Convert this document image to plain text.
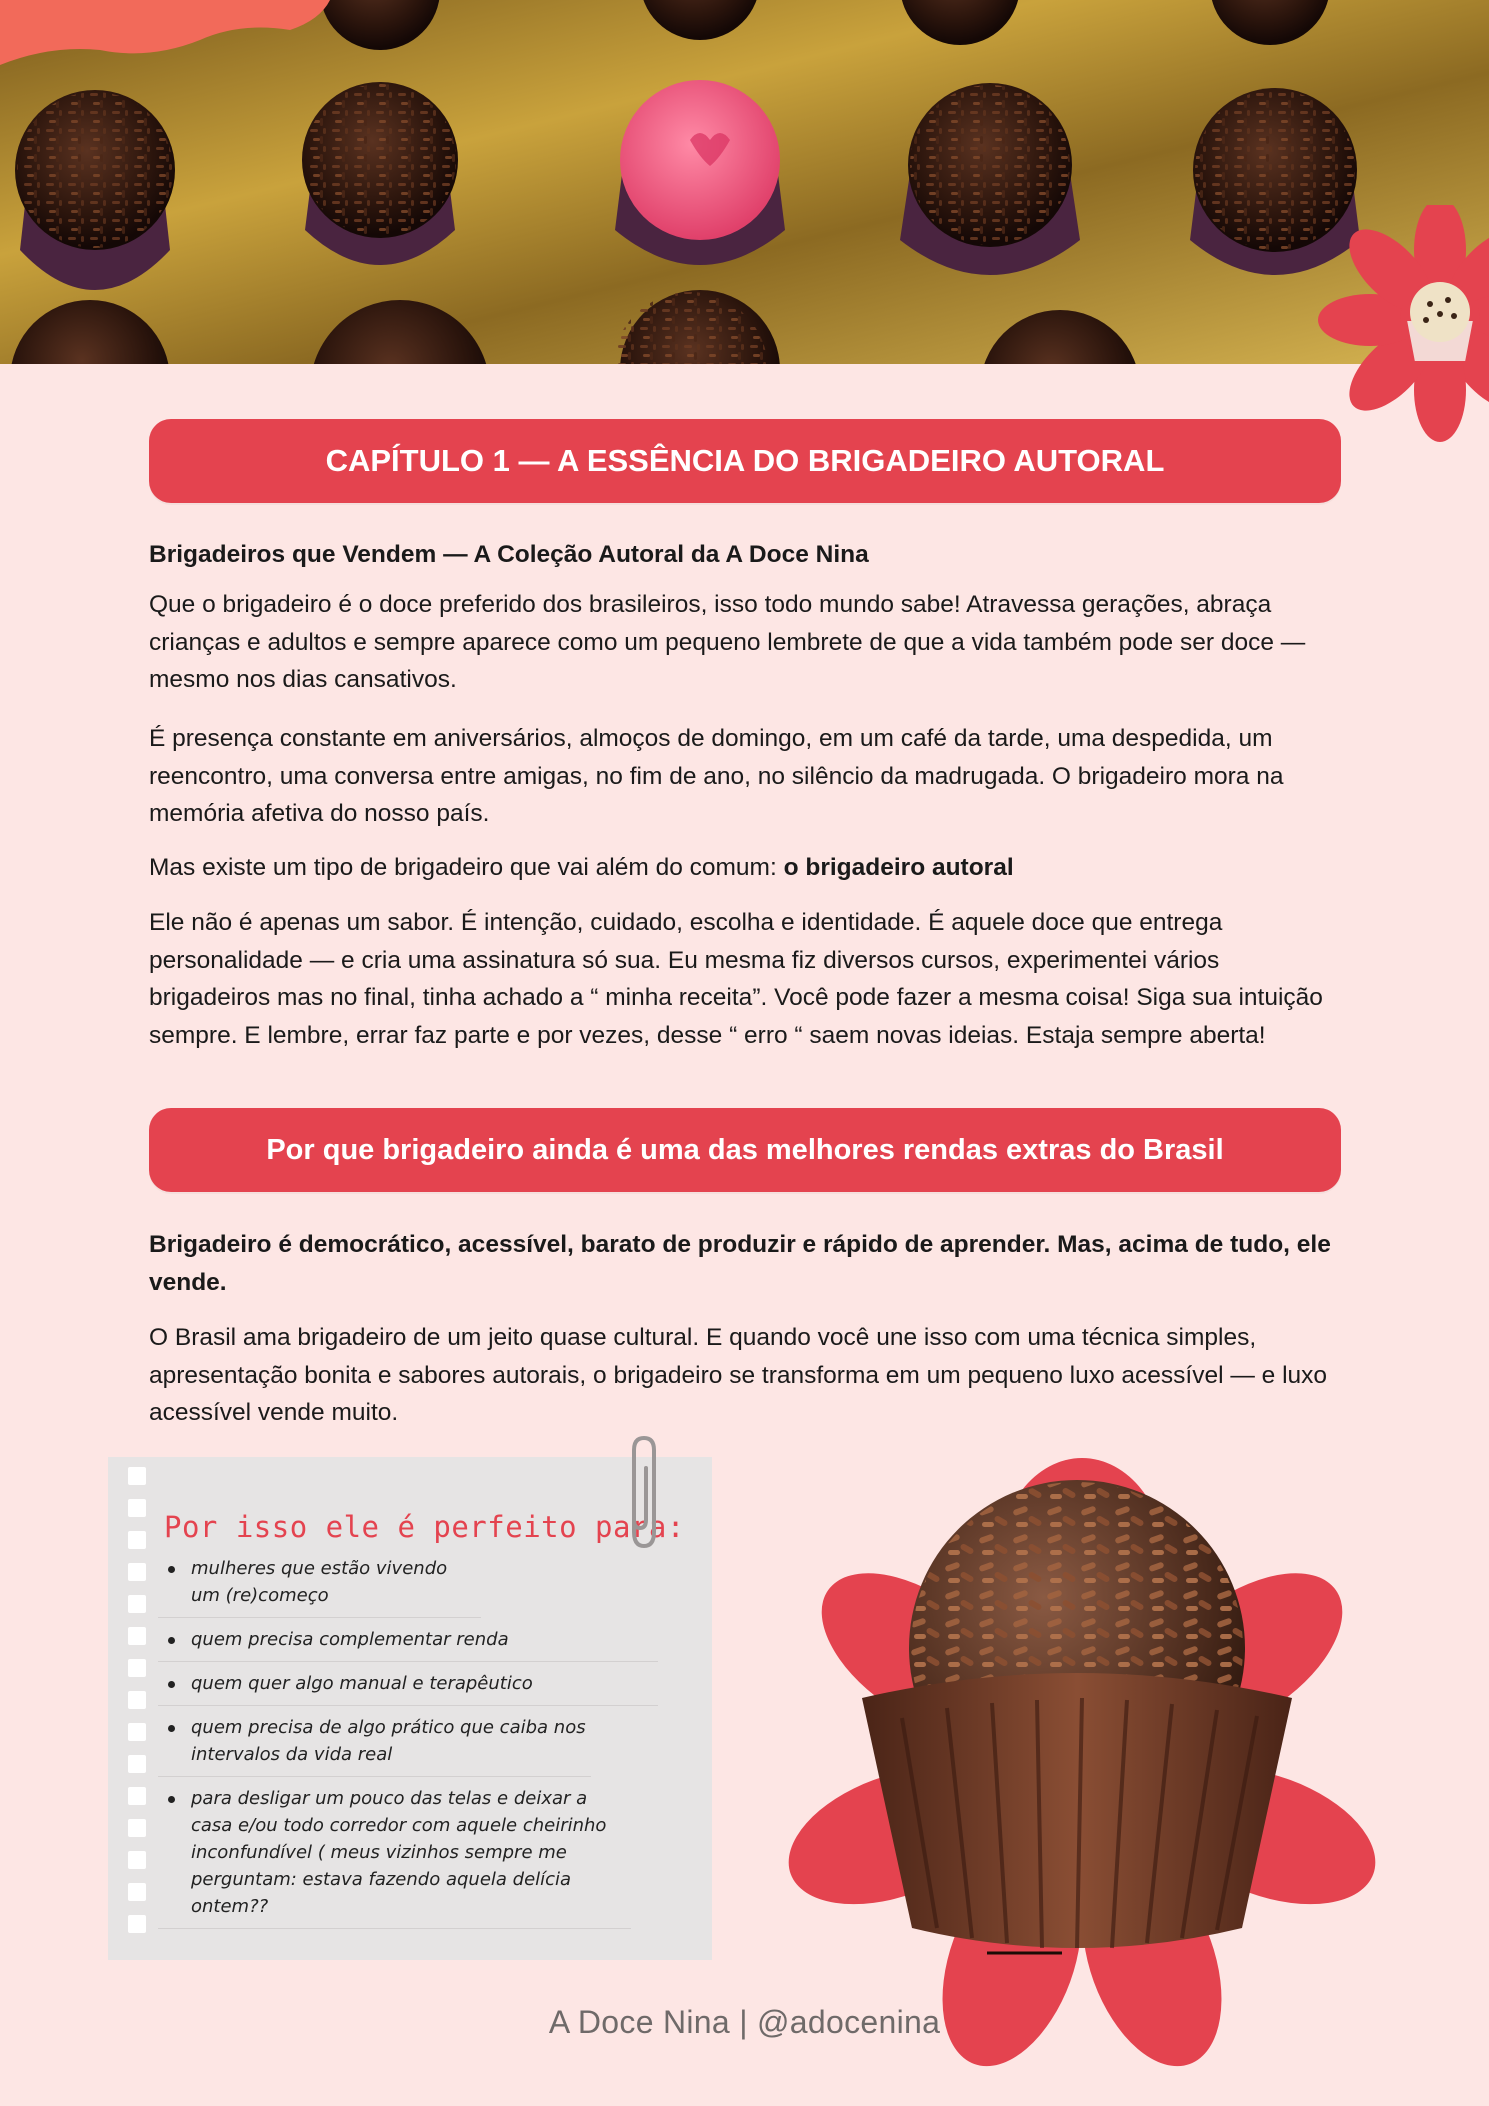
CAPÍTULO 1 — A ESSÊNCIA DO BRIGADEIRO AUTORAL

Brigadeiros que Vendem — A Coleção Autoral da A Doce Nina

Que o brigadeiro é o doce preferido dos brasileiros, isso todo mundo sabe! Atravessa gerações, abraça crianças e adultos e sempre aparece como um pequeno lembrete de que a vida também pode ser doce — mesmo nos dias cansativos.

É presença constante em aniversários, almoços de domingo, em um café da tarde, uma despedida, um reencontro, uma conversa entre amigas, no fim de ano, no silêncio da madrugada. O brigadeiro mora na memória afetiva do nosso país.

Mas existe um tipo de brigadeiro que vai além do comum: o brigadeiro autoral

Ele não é apenas um sabor. É intenção, cuidado, escolha e identidade. É aquele doce que entrega personalidade — e cria uma assinatura só sua. Eu mesma fiz diversos cursos, experimentei vários brigadeiros mas no final, tinha achado a “ minha receita”. Você pode fazer a mesma coisa! Siga sua intuição sempre. E lembre, errar faz parte e por vezes, desse “ erro “ saem novas ideias. Estaja sempre aberta!

Por que brigadeiro ainda é uma das melhores rendas extras do Brasil

Brigadeiro é democrático, acessível, barato de produzir e rápido de aprender. Mas, acima de tudo, ele vende.

O Brasil ama brigadeiro de um jeito quase cultural. E quando você une isso com uma técnica simples, apresentação bonita e sabores autorais, o brigadeiro se transforma em um pequeno luxo acessível — e luxo acessível vende muito.

Por isso ele é perfeito para:
mulheres que estão vivendo um (re)começo
quem precisa complementar renda
quem quer algo manual e terapêutico
quem precisa de algo prático que caiba nos intervalos da vida real
para desligar um pouco das telas e deixar a casa e/ou todo corredor com aquele cheirinho inconfundível ( meus vizinhos sempre me perguntam: estava fazendo aquela delícia ontem??
A Doce Nina | @adocenina
